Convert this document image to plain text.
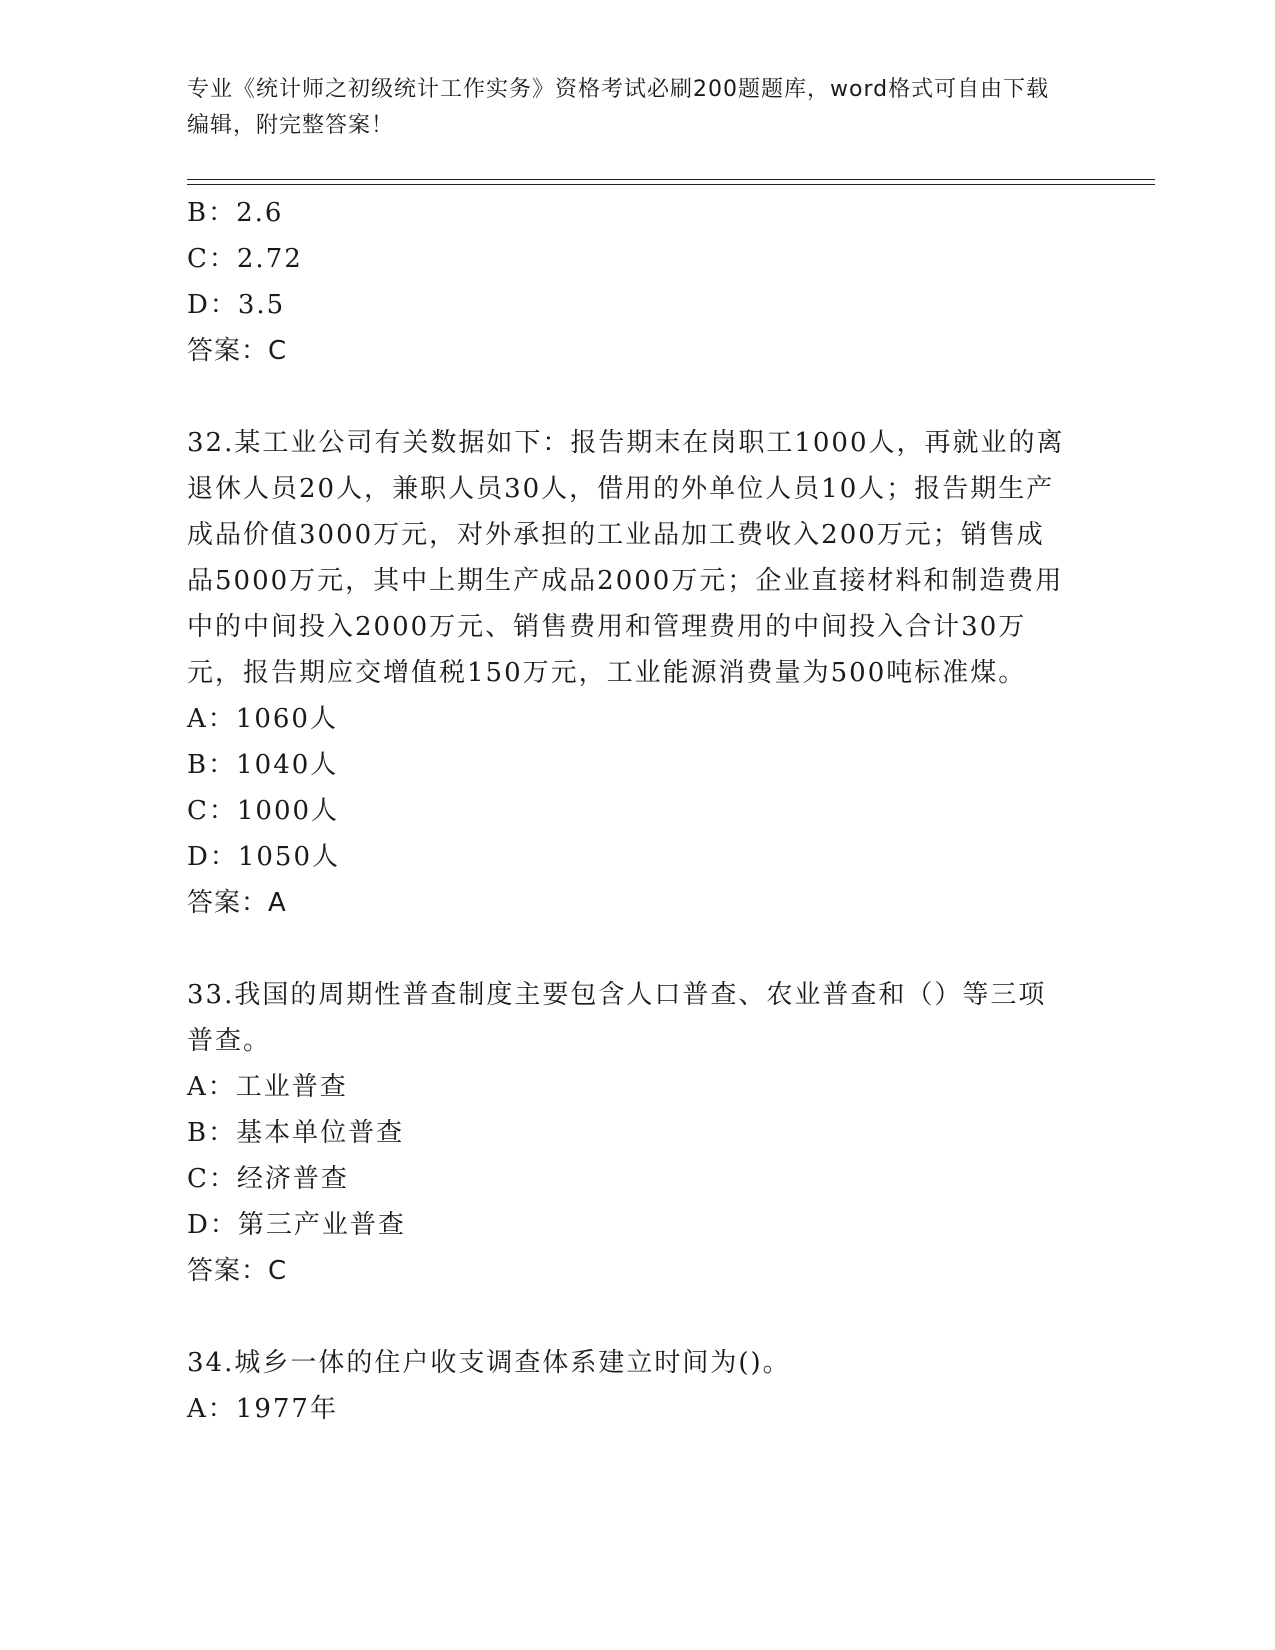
专业《统计师之初级统计工作实务》资格考试必刷200题题库，word格式可自由下载编辑，附完整答案！
B：2.6
C：2.72
D：3.5
答案：C
32.某工业公司有关数据如下：报告期末在岗职工1000人，再就业的离退休人员20人，兼职人员30人，借用的外单位人员10人；报告期生产成品价值3000万元，对外承担的工业品加工费收入200万元；销售成品5000万元，其中上期生产成品2000万元；企业直接材料和制造费用中的中间投入2000万元、销售费用和管理费用的中间投入合计30万元，报告期应交增值税150万元，工业能源消费量为500吨标准煤。
A：1060人
B：1040人
C：1000人
D：1050人
答案：A
33.我国的周期性普查制度主要包含人口普查、农业普查和（）等三项普查。
A：工业普查
B：基本单位普查
C：经济普查
D：第三产业普查
答案：C
34.城乡一体的住户收支调查体系建立时间为()。
A：1977年
